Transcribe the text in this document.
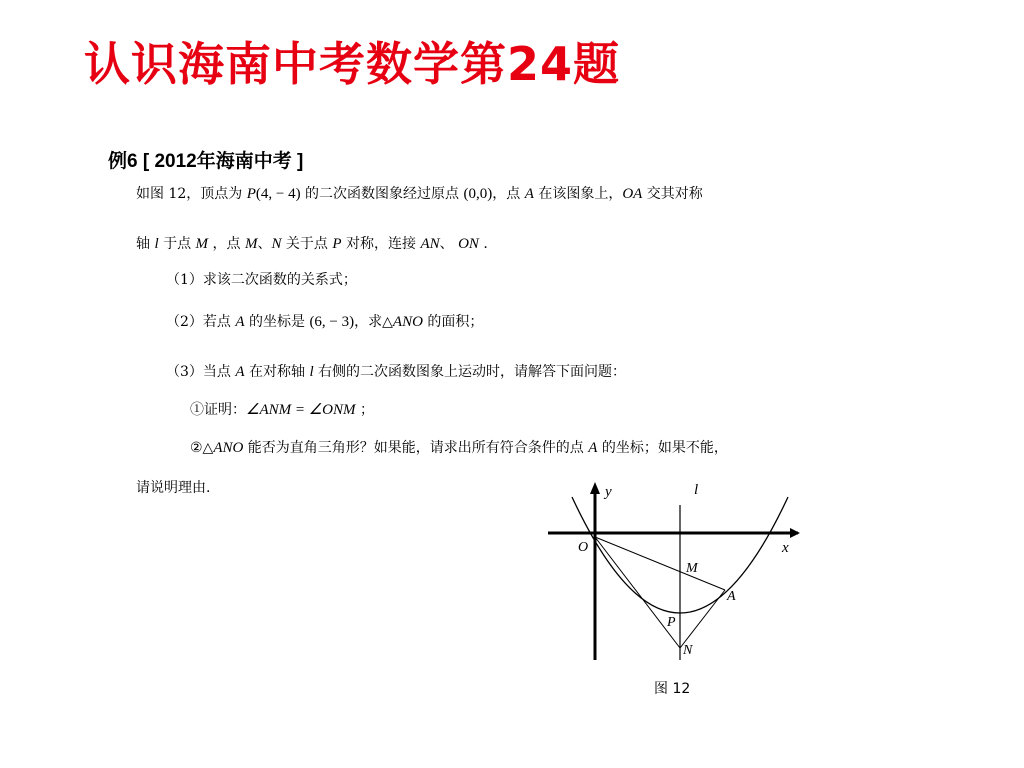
认识海南中考数学第24题
例6 [ 2012年海南中考 ]
如图 12，顶点为 P(4, − 4) 的二次函数图象经过原点 (0,0)，点 A 在该图象上，OA 交其对称
轴 l 于点 M ，点 M、N 关于点 P 对称，连接 AN、 ON .
（1）求该二次函数的关系式；
（2）若点 A 的坐标是 (6, − 3)，求△ANO 的面积；
（3）当点 A 在对称轴 l 右侧的二次函数图象上运动时，请解答下面问题：
①证明：∠ANM = ∠ONM ；
②△ANO 能否为直角三角形？如果能，请求出所有符合条件的点 A 的坐标；如果不能，
请说明理由.	y	l
x
O
M
A
P
N
图 12
